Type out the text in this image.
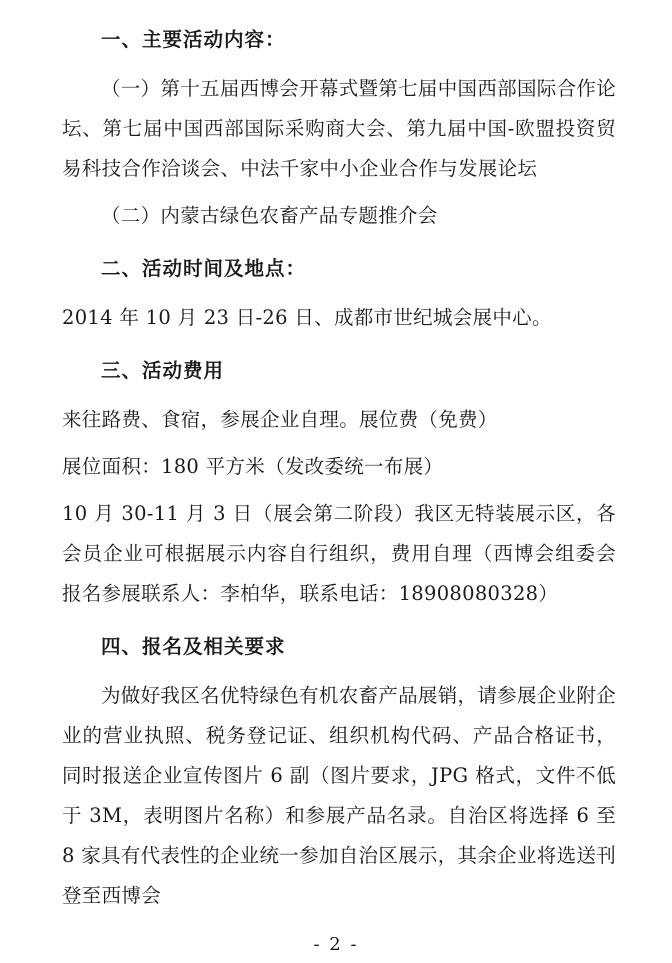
一、主要活动内容：

（一）第十五届西博会开幕式暨第七届中国西部国际合作论坛、第七届中国西部国际采购商大会、第九届中国-欧盟投资贸易科技合作洽谈会、中法千家中小企业合作与发展论坛

（二）内蒙古绿色农畜产品专题推介会

二、活动时间及地点：

2014 年 10 月 23 日-26 日、成都市世纪城会展中心。

三、活动费用

来往路费、食宿，参展企业自理。展位费（免费）

展位面积：180 平方米（发改委统一布展）

10 月 30-11 月 3 日（展会第二阶段）我区无特装展示区，各会员企业可根据展示内容自行组织，费用自理（西博会组委会报名参展联系人：李柏华，联系电话：18908080328）

四、报名及相关要求

为做好我区名优特绿色有机农畜产品展销，请参展企业附企业的营业执照、税务登记证、组织机构代码、产品合格证书，同时报送企业宣传图片 6 副（图片要求，JPG 格式，文件不低于 3M，表明图片名称）和参展产品名录。自治区将选择 6 至 8 家具有代表性的企业统一参加自治区展示，其余企业将选送刊登至西博会

- 2 -
